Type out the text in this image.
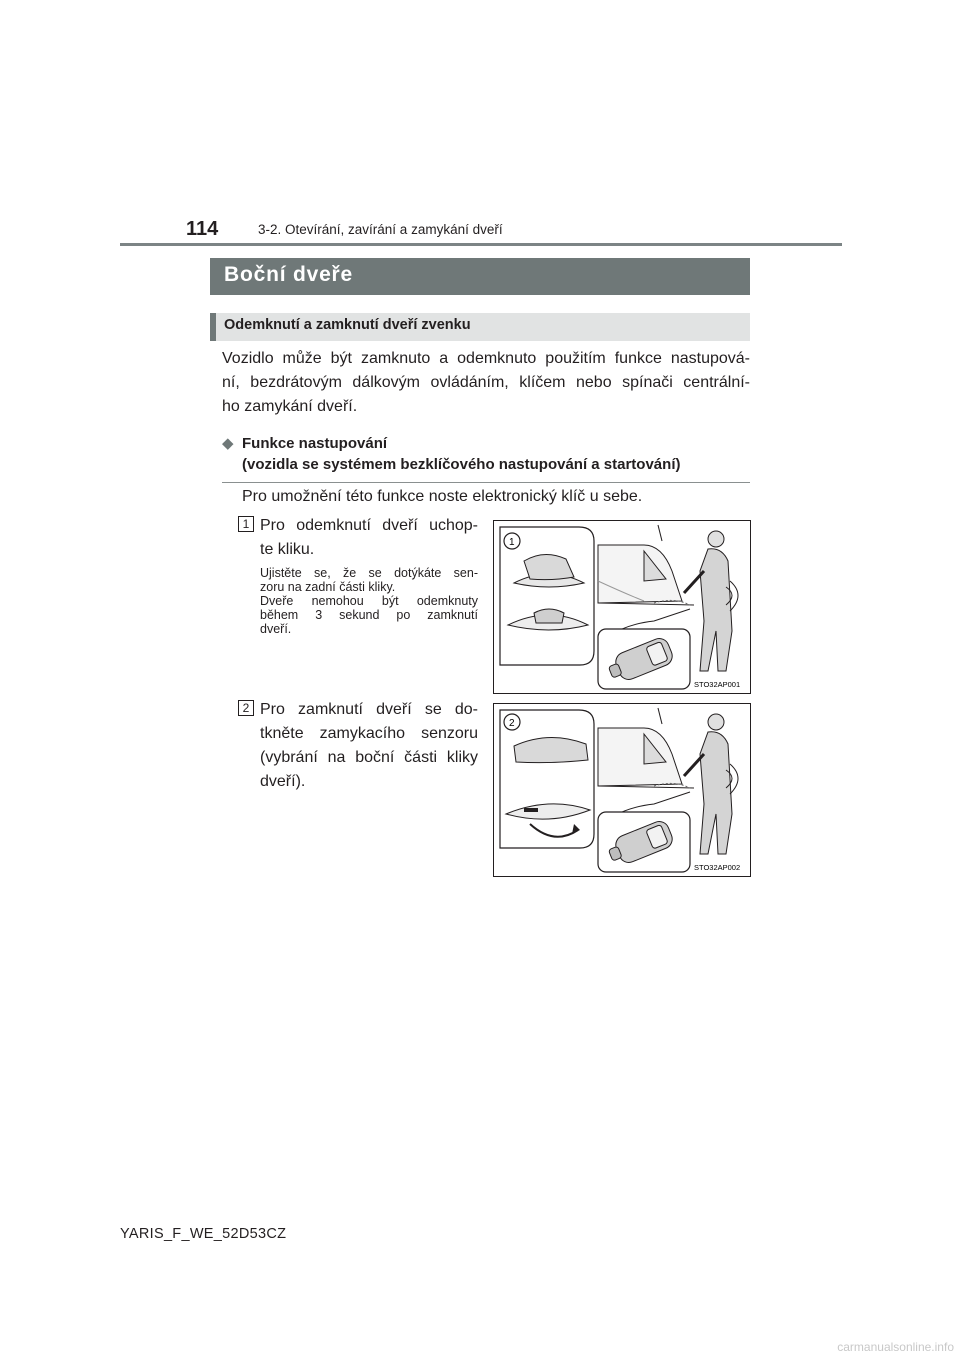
114	3-2. Otevírání, zavírání a zamykání dveří
Boční dveře
Odemknutí a zamknutí dveří zvenku
Vozidlo může být zamknuto a odemknuto použitím funkce nastupová-
ní, bezdrátovým dálkovým ovládáním, klíčem nebo spínači centrální-
ho zamykání dveří.
◆ Funkce nastupování
(vozidla se systémem bezklíčového nastupování a startování)
Pro umožnění této funkce noste elektronický klíč u sebe.
1 Pro odemknutí dveří uchop-
te kliku.
Ujistěte se, že se dotýkáte sen-
zoru na zadní části kliky.
Dveře nemohou být odemknuty
během 3 sekund po zamknutí
dveří.
1
STO32AP001
2 Pro zamknutí dveří se do-
tkněte zamykacího senzoru
(vybrání na boční části kliky
dveří).
2
STO32AP002
YARIS_F_WE_52D53CZ
carmanualsonline.info
